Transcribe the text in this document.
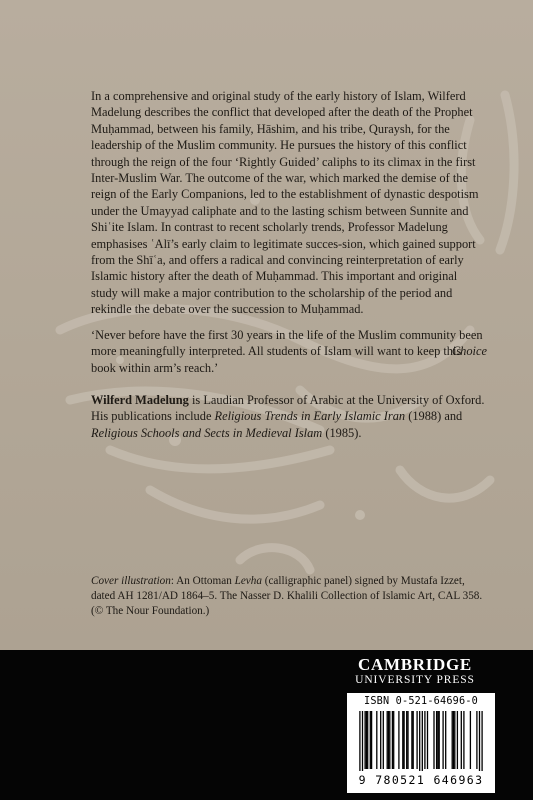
In a comprehensive and original study of the early history of Islam, Wilferd Madelung describes the conflict that developed after the death of the Prophet Muḥammad, between his family, Hāshim, and his tribe, Quraysh, for the leadership of the Muslim community. He pursues the history of this conflict through the reign of the four ‘Rightly Guided’ caliphs to its climax in the first Inter-Muslim War. The outcome of the war, which marked the demise of the reign of the Early Companions, led to the establishment of dynastic despotism under the Umayyad caliphate and to the lasting schism between Sunnite and Shiʿite Islam. In contrast to recent scholarly trends, Professor Madelung emphasises ʿAlī’s early claim to legitimate succes-sion, which gained support from the Shīʿa, and offers a radical and convincing reinterpretation of early Islamic history after the death of Muḥammad. This important and original study will make a major contribution to the scholarship of the period and rekindle the debate over the succession to Muḥammad.

‘Never before have the first 30 years in the life of the Muslim community been more meaningfully interpreted. All students of Islam will want to keep this book within arm’s reach.’
Choice

Wilferd Madelung is Laudian Professor of Arabic at the University of Oxford. His publications include Religious Trends in Early Islamic Iran (1988) and Religious Schools and Sects in Medieval Islam (1985).

Cover illustration: An Ottoman Levha (calligraphic panel) signed by Mustafa Izzet, dated AH 1281/AD 1864–5. The Nasser D. Khalili Collection of Islamic Art, CAL 358. (© The Nour Foundation.)
CAMBRIDGE
UNIVERSITY PRESS
ISBN 0-521-64696-0
9 780521 646963
